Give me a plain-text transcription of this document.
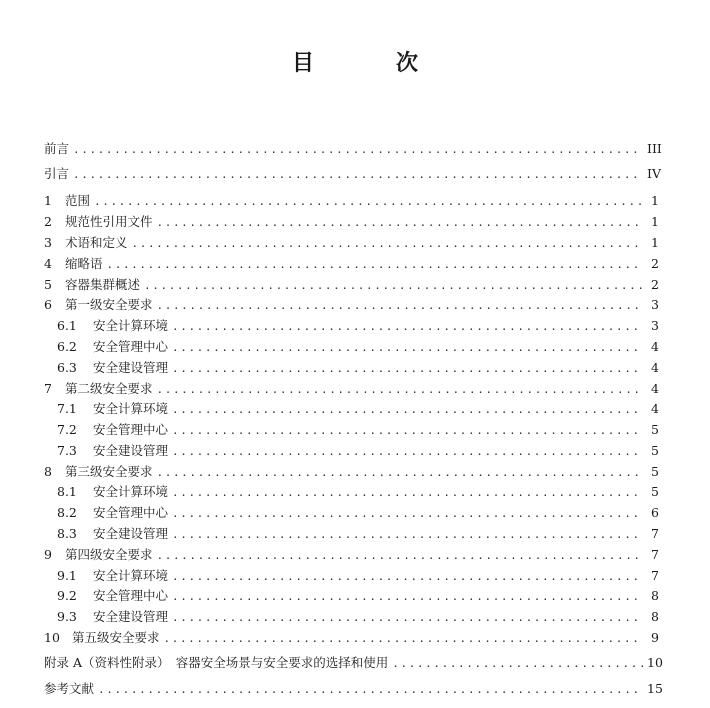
目　次
前言 .....	III
引言 .....	IV
1	范围 .....	1
2	规范性引用文件 .....	1
3	术语和定义 .....	1
4	缩略语 .....	2
5	容器集群概述 .....	2
6	第一级安全要求 .....	3
6.1	安全计算环境 .....	3
6.2	安全管理中心 .....	4
6.3	安全建设管理 .....	4
7	第二级安全要求 .....	4
7.1	安全计算环境 .....	4
7.2	安全管理中心 .....	5
7.3	安全建设管理 .....	5
8	第三级安全要求 .....	5
8.1	安全计算环境 .....	5
8.2	安全管理中心 .....	6
8.3	安全建设管理 .....	7
9	第四级安全要求 .....	7
9.1	安全计算环境 .....	7
9.2	安全管理中心 .....	8
9.3	安全建设管理 .....	8
10 第五级安全要求 .....	9
附录 A（资料性附录）　容器安全场景与安全要求的选择和使用 .....	10
参考文献 .....	15
